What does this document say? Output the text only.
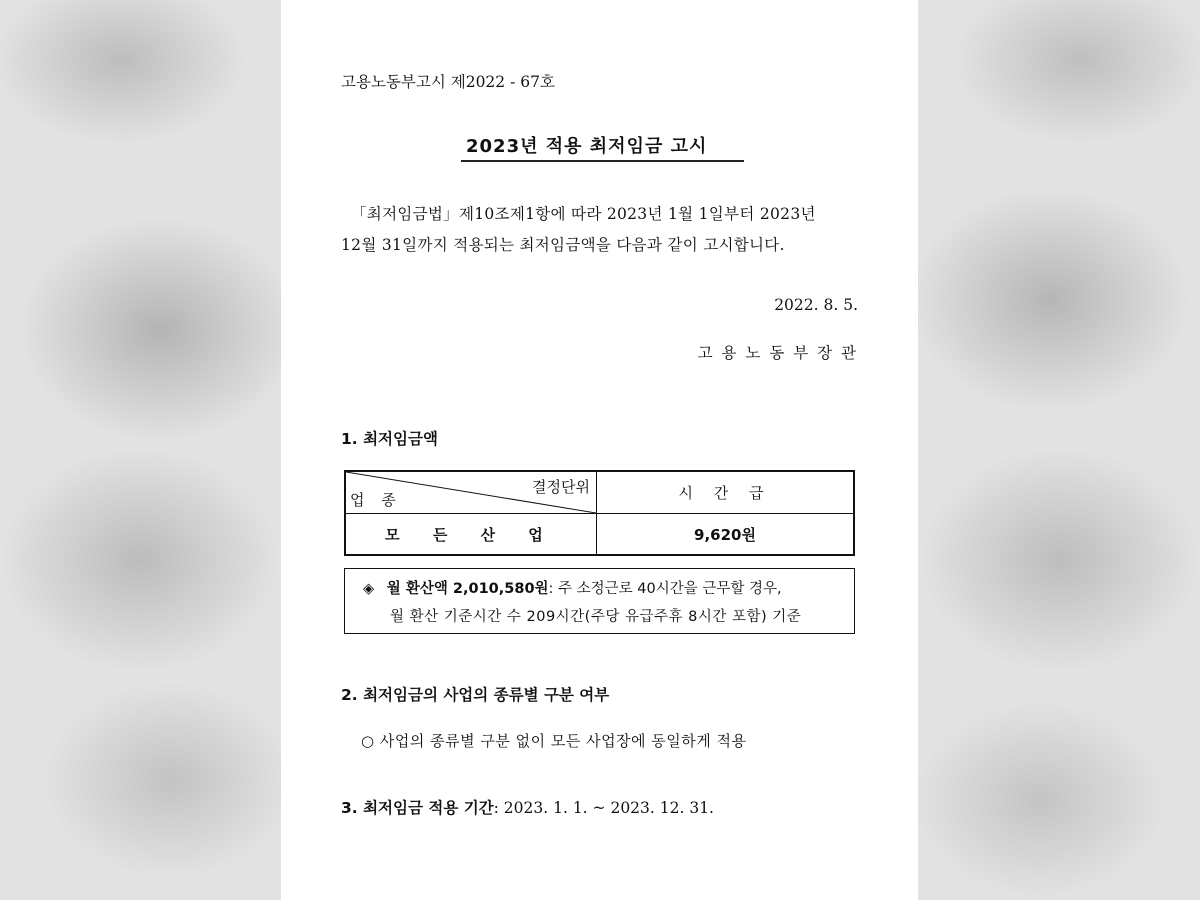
고용노동부고시 제2022 - 67호
2023년 적용 최저임금 고시
「최저임금법」제10조제1항에 따라 2023년 1월 1일부터 2023년
12월 31일까지 적용되는 최저임금액을 다음과 같이 고시합니다.
2022. 8. 5.
고 용 노 동 부 장 관
1. 최저임금액
결정단위
업 종	시 간 급
모 든 산 업	9,620원
◈ 월 환산액 2,010,580원: 주 소정근로 40시간을 근무할 경우,
월 환산 기준시간 수 209시간(주당 유급주휴 8시간 포함) 기준
2. 최저임금의 사업의 종류별 구분 여부
○ 사업의 종류별 구분 없이 모든 사업장에 동일하게 적용
3. 최저임금 적용 기간: 2023. 1. 1. ~ 2023. 12. 31.
